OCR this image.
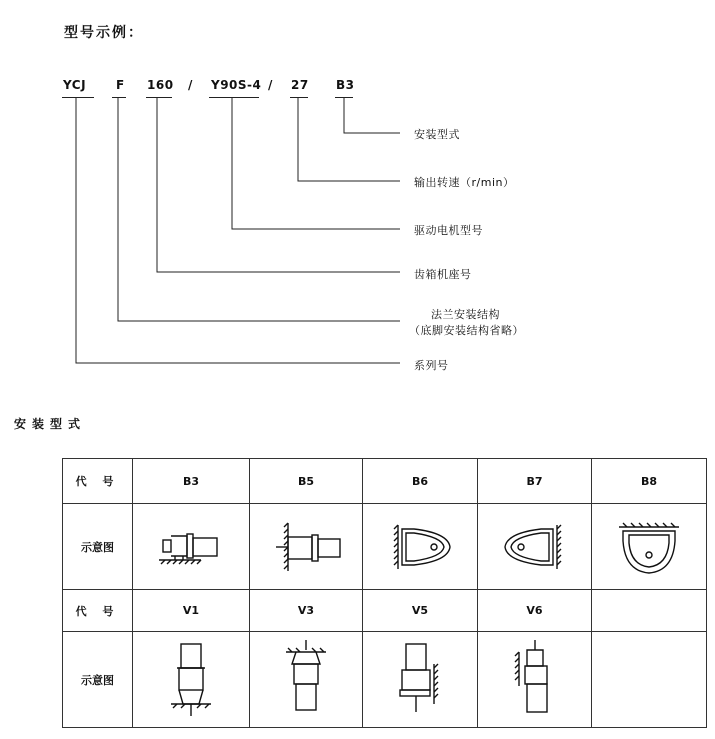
型号示例：
YCJ F 160 / Y90S-4 / 27 B3
安装型式
输出转速（r/min）
驱动电机型号
齿箱机座号
法兰安装结构
（底脚安装结构省略）
系列号
安装型式
代 号	B3	B5	B6	B7	B8
示意图	

代 号	V1	V3	V5	V6	
示意图	
